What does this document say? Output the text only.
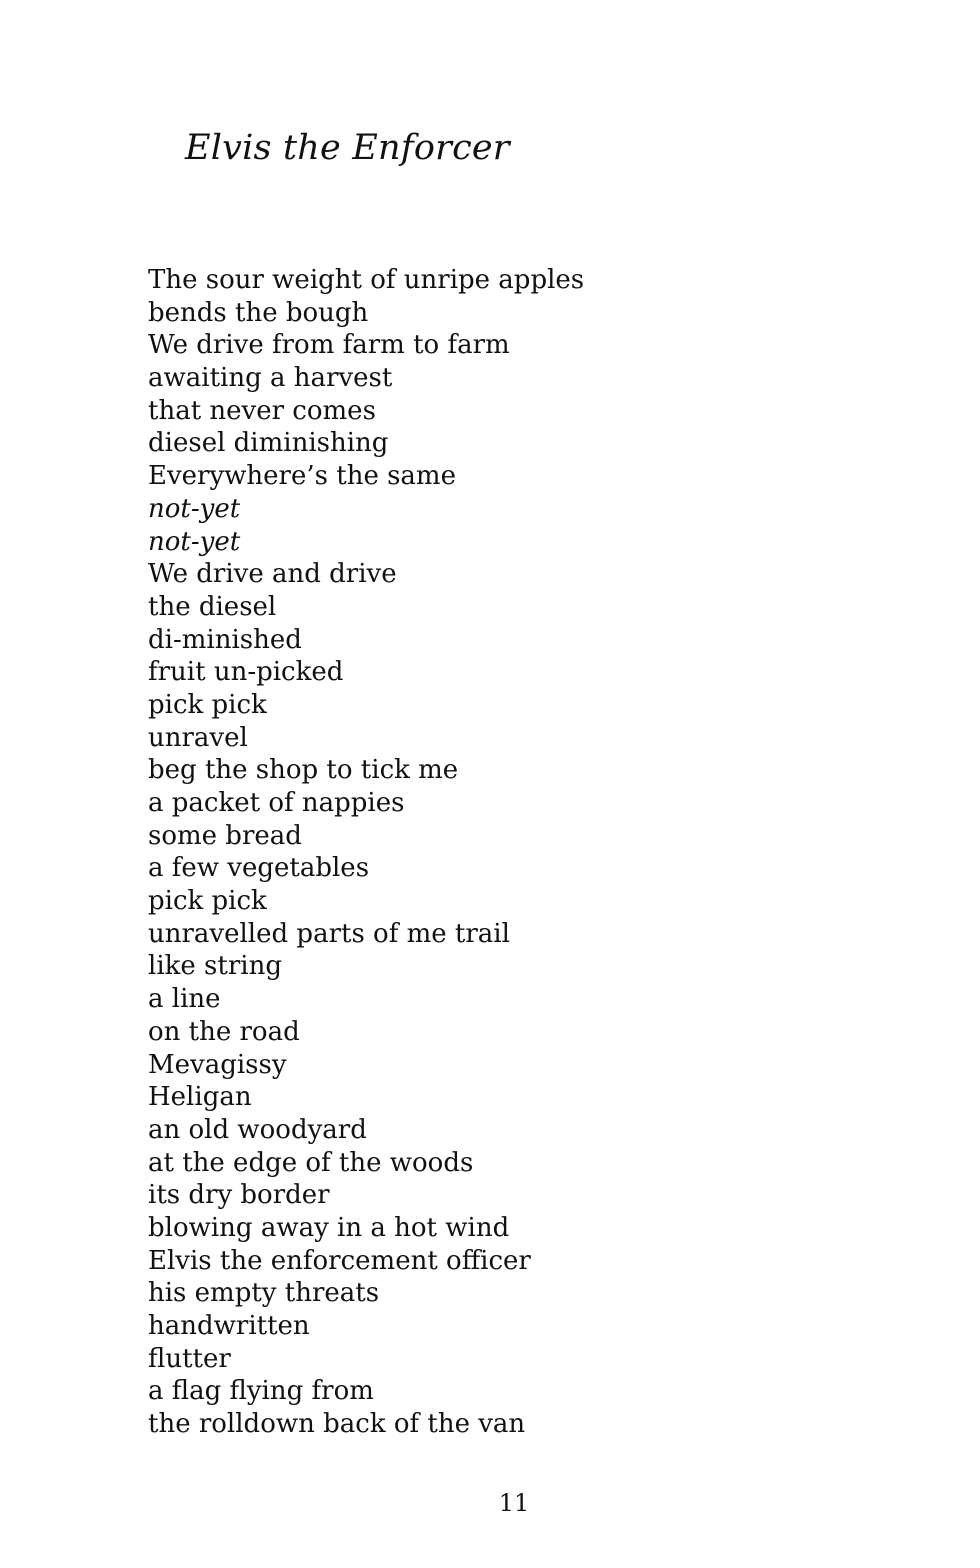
Elvis the Enforcer
The sour weight of unripe apples
bends the bough
We drive from farm to farm
awaiting a harvest
that never comes
diesel diminishing
Everywhere’s the same
not-yet
not-yet
We drive and drive
the diesel
di-minished
fruit un-picked
pick pick
unravel
beg the shop to tick me
a packet of nappies
some bread
a few vegetables
pick pick
unravelled parts of me trail
like string
a line
on the road
Mevagissy
Heligan
an old woodyard
at the edge of the woods
its dry border
blowing away in a hot wind
Elvis the enforcement officer
his empty threats
handwritten
flutter
a flag flying from
the rolldown back of the van
11
